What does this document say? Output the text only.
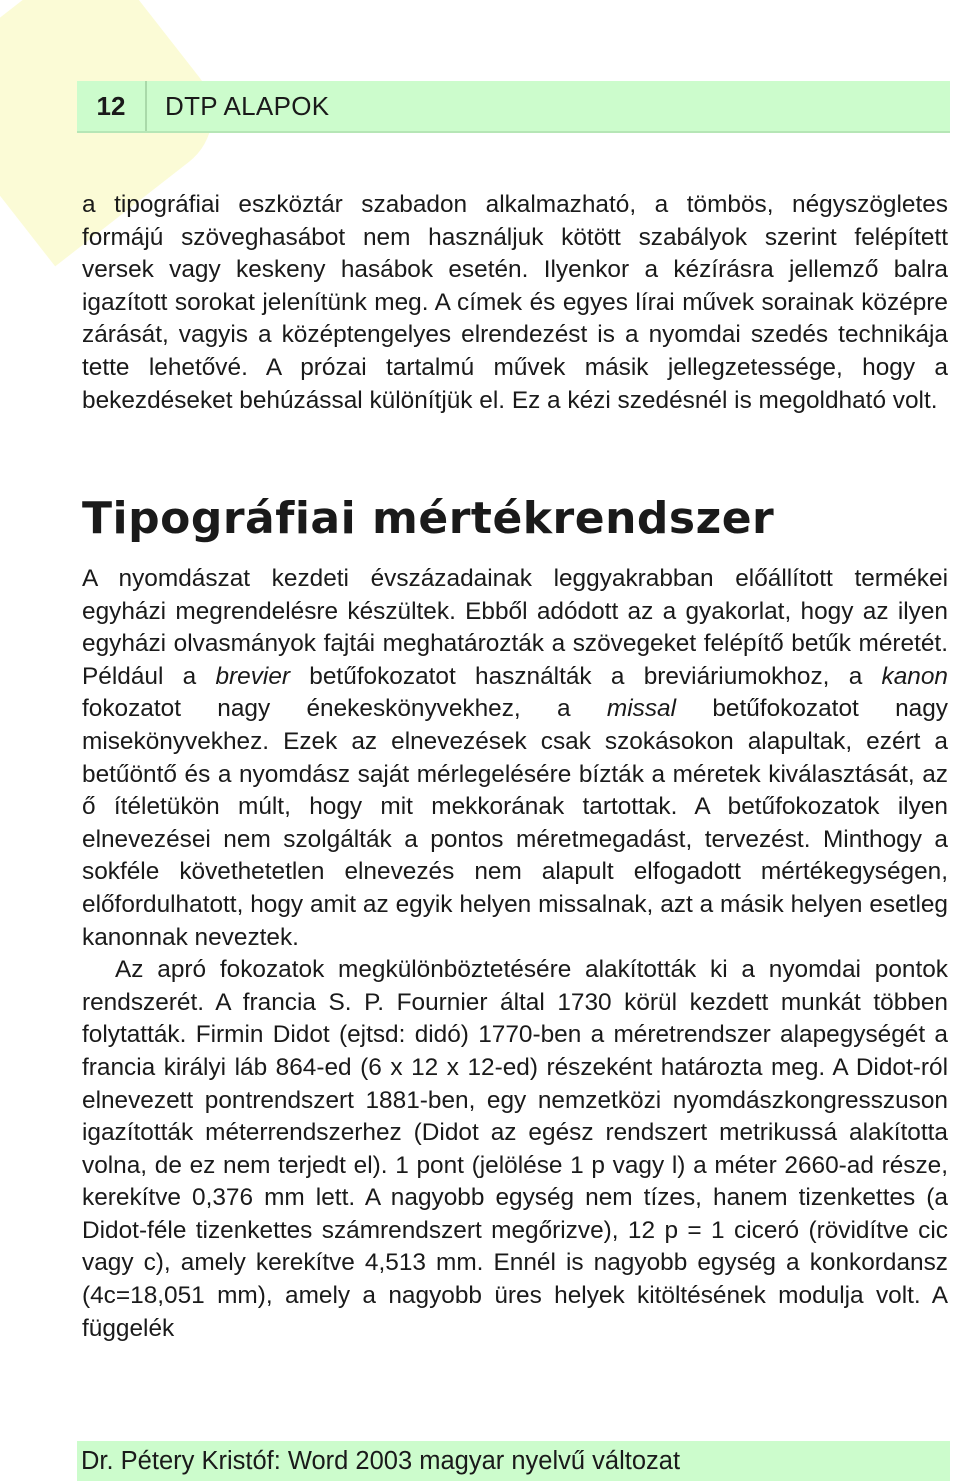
12	DTP ALAPOK

a tipográfiai eszköztár szabadon alkalmazható, a tömbös, négyszögletes formájú szöveghasábot nem használjuk kötött szabályok szerint felépített versek vagy keskeny hasábok esetén. Ilyenkor a kézírásra jellemző balra igazított sorokat jelenítünk meg. A címek és egyes lírai művek sorainak középre zárását, vagyis a középtengelyes elrendezést is a nyomdai szedés technikája tette lehetővé. A prózai tartalmú művek másik jellegzetessége, hogy a bekezdéseket behúzással különítjük el. Ez a kézi szedésnél is megoldható volt.

Tipográfiai mértékrendszer

A nyomdászat kezdeti évszázadainak leggyakrabban előállított termékei egyházi megrendelésre készültek. Ebből adódott az a gyakorlat, hogy az ilyen egyházi olvasmányok fajtái meghatározták a szövegeket felépítő betűk méretét. Például a brevier betűfokozatot használták a breviáriumokhoz, a kanon fokozatot nagy énekeskönyvekhez, a missal betűfokozatot nagy misekönyvekhez. Ezek az elnevezések csak szokásokon alapultak, ezért a betűöntő és a nyomdász saját mérlegelésére bízták a méretek kiválasztását, az ő ítéletükön múlt, hogy mit mekkorának tartottak. A betűfokozatok ilyen elnevezései nem szolgálták a pontos méretmegadást, tervezést. Minthogy a sokféle követhetetlen elnevezés nem alapult elfogadott mértékegységen, előfordulhatott, hogy amit az egyik helyen missalnak, azt a másik helyen esetleg kanonnak neveztek.

Az apró fokozatok megkülönböztetésére alakították ki a nyomdai pontok rendszerét. A francia S. P. Fournier által 1730 körül kezdett munkát többen folytatták. Firmin Didot (ejtsd: didó) 1770-ben a méretrendszer alapegységét a francia királyi láb 864-ed (6 x 12 x 12-ed) részeként határozta meg. A Didot-ról elnevezett pontrendszert 1881-ben, egy nemzetközi nyomdászkongresszuson igazították méterrendszerhez (Didot az egész rendszert metrikussá alakította volna, de ez nem terjedt el). 1 pont (jelölése 1 p vagy l) a méter 2660-ad része, kerekítve 0,376 mm lett. A nagyobb egység nem tízes, hanem tizenkettes (a Didot-féle tizenkettes számrendszert megőrizve), 12 p = 1 ciceró (rövidítve cic vagy c), amely kerekítve 4,513 mm. Ennél is nagyobb egység a konkordansz (4c=18,051 mm), amely a nagyobb üres helyek kitöltésének modulja volt. A függelék

Dr. Pétery Kristóf: Word 2003 magyar nyelvű változat
